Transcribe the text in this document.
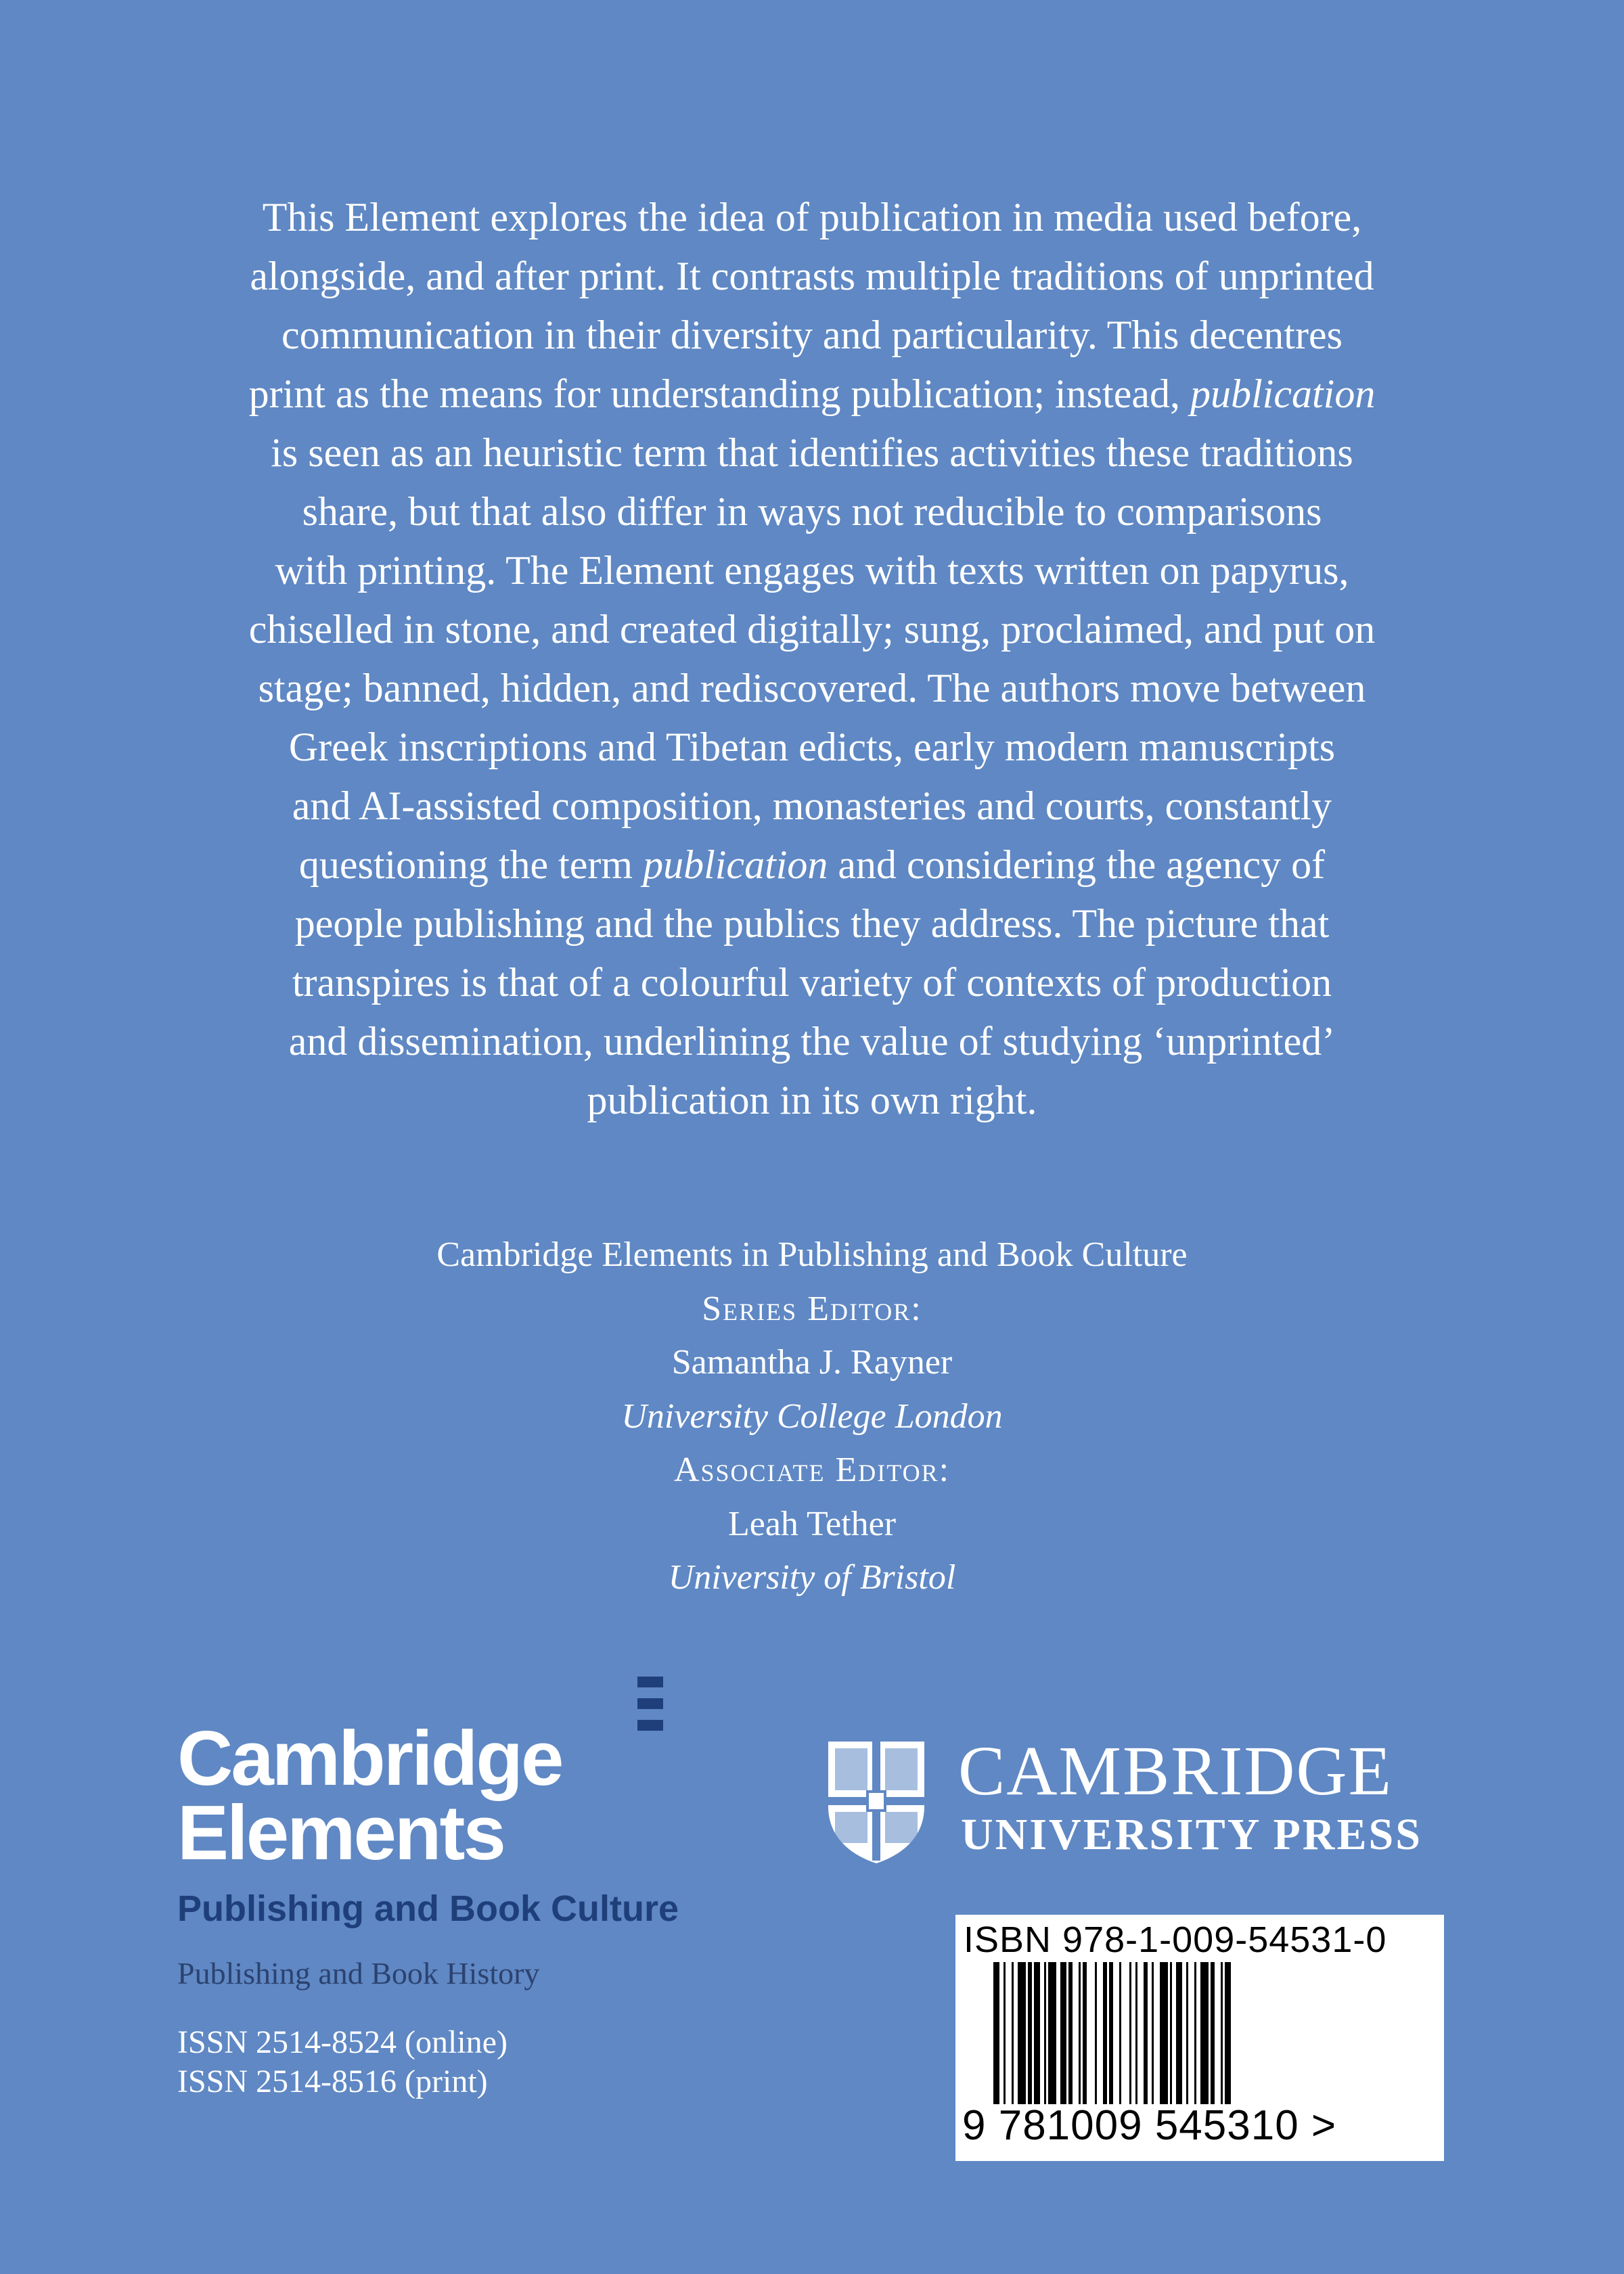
This Element explores the idea of publication in media used before,
alongside, and after print. It contrasts multiple traditions of unprinted
communication in their diversity and particularity. This decentres
print as the means for understanding publication; instead, publication
is seen as an heuristic term that identifies activities these traditions
share, but that also differ in ways not reducible to comparisons
with printing. The Element engages with texts written on papyrus,
chiselled in stone, and created digitally; sung, proclaimed, and put on
stage; banned, hidden, and rediscovered. The authors move between
Greek inscriptions and Tibetan edicts, early modern manuscripts
and AI-assisted composition, monasteries and courts, constantly
questioning the term publication and considering the agency of
people publishing and the publics they address. The picture that
transpires is that of a colourful variety of contexts of production
and dissemination, underlining the value of studying ‘unprinted’
publication in its own right.
Cambridge Elements in Publishing and Book Culture
Series Editor:
Samantha J. Rayner
University College London
Associate Editor:
Leah Tether
University of Bristol
Cambridge
Elements
Publishing and Book Culture
Publishing and Book History
ISSN 2514-8524 (online)
ISSN 2514-8516 (print)
CAMBRIDGE
UNIVERSITY PRESS
ISBN 978-1-009-54531-0
9 781009 545310 >
